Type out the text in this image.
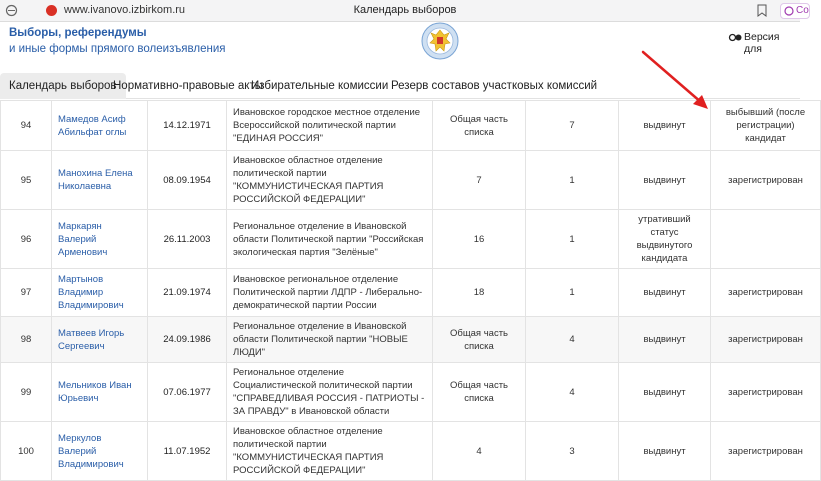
www.ivanovo.izbirkom.ru	Календарь выборов	Со
Выборы, референдумы
и иные формы прямого волеизъявления
Версия для
Календарь выборов
Нормативно-правовые акты
Избирательные комиссии Резерв составов участковых комиссий
94	Мамедов Асиф Абильфат оглы	14.12.1971	Ивановское городское местное отделение Всероссийской политической партии "ЕДИНАЯ РОССИЯ"	Общая часть списка	7	выдвинут	выбывший (после регистрации) кандидат
95	Манохина Елена Николаевна	08.09.1954	Ивановское областное отделение политической партии "КОММУНИСТИЧЕСКАЯ ПАРТИЯ РОССИЙСКОЙ ФЕДЕРАЦИИ"	7	1	выдвинут	зарегистрирован
96	Маркарян Валерий Арменович	26.11.2003	Региональное отделение в Ивановской области Политической партии "Российская экологическая партия "Зелёные"	16	1	утративший статус выдвинутого кандидата	
97	Мартынов Владимир Владимирович	21.09.1974	Ивановское региональное отделение Политической партии ЛДПР - Либерально-демократической партии России	18	1	выдвинут	зарегистрирован
98	Матвеев Игорь Сергеевич	24.09.1986	Региональное отделение в Ивановской области Политической партии "НОВЫЕ ЛЮДИ"	Общая часть списка	4	выдвинут	зарегистрирован
99	Мельников Иван Юрьевич	07.06.1977	Региональное отделение Социалистической политической партии "СПРАВЕДЛИВАЯ РОССИЯ - ПАТРИОТЫ - ЗА ПРАВДУ" в Ивановской области	Общая часть списка	4	выдвинут	зарегистрирован
100	Меркулов Валерий Владимирович	11.07.1952	Ивановское областное отделение политической партии "КОММУНИСТИЧЕСКАЯ ПАРТИЯ РОССИЙСКОЙ ФЕДЕРАЦИИ"	4	3	выдвинут	зарегистрирован
